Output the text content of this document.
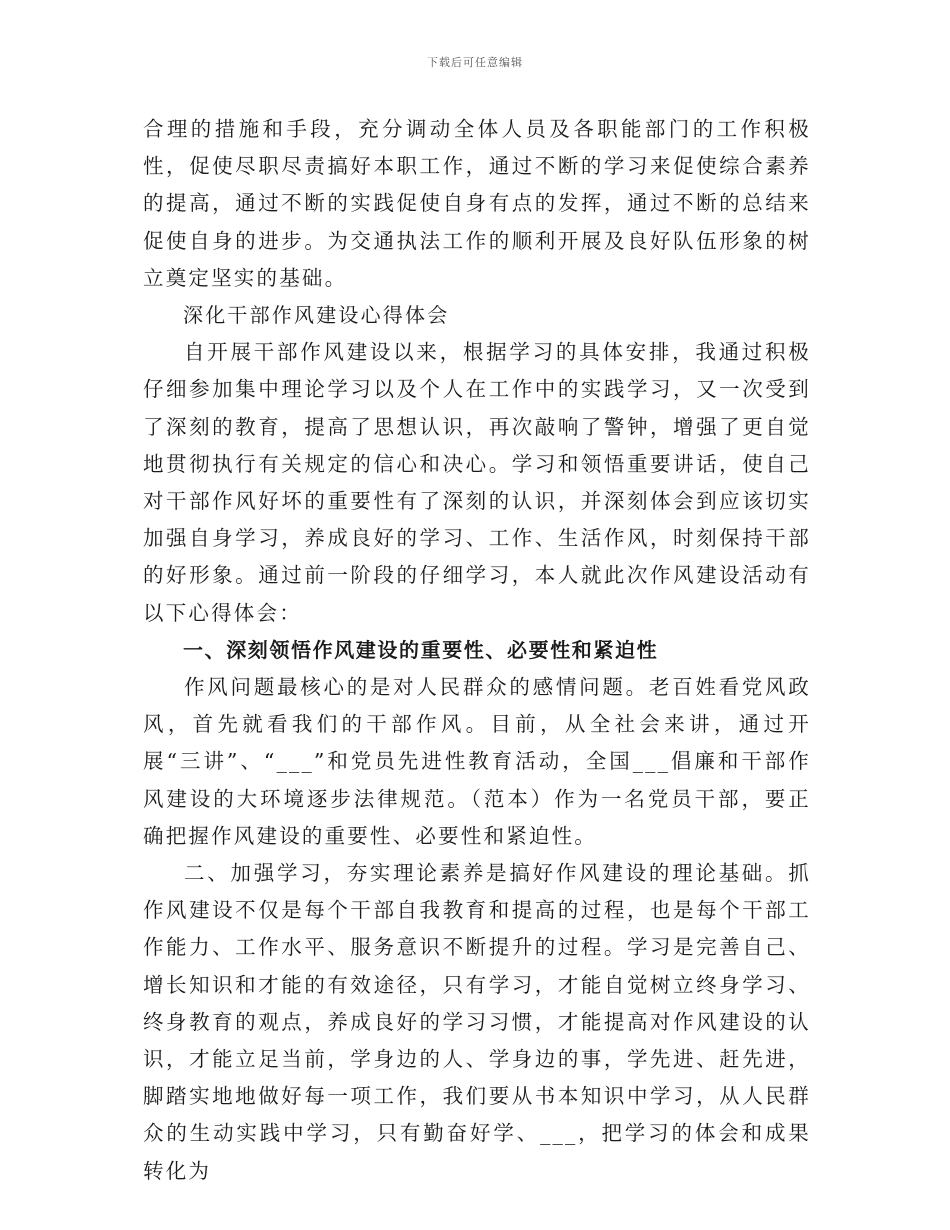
下载后可任意编辑

合理的措施和手段，充分调动全体人员及各职能部门的工作积极性，促使尽职尽责搞好本职工作，通过不断的学习来促使综合素养的提高，通过不断的实践促使自身有点的发挥，通过不断的总结来促使自身的进步。为交通执法工作的顺利开展及良好队伍形象的树立奠定坚实的基础。

深化干部作风建设心得体会

自开展干部作风建设以来，根据学习的具体安排，我通过积极仔细参加集中理论学习以及个人在工作中的实践学习，又一次受到了深刻的教育，提高了思想认识，再次敲响了警钟，增强了更自觉地贯彻执行有关规定的信心和决心。学习和领悟重要讲话，使自己对干部作风好坏的重要性有了深刻的认识，并深刻体会到应该切实加强自身学习，养成良好的学习、工作、生活作风，时刻保持干部的好形象。通过前一阶段的仔细学习，本人就此次作风建设活动有以下心得体会：

一、深刻领悟作风建设的重要性、必要性和紧迫性

作风问题最核心的是对人民群众的感情问题。老百姓看党风政风，首先就看我们的干部作风。目前，从全社会来讲，通过开展“三讲”、“___”和党员先进性教育活动，全国___倡廉和干部作风建设的大环境逐步法律规范。（范本）作为一名党员干部，要正确把握作风建设的重要性、必要性和紧迫性。

二、加强学习，夯实理论素养是搞好作风建设的理论基础。抓作风建设不仅是每个干部自我教育和提高的过程，也是每个干部工作能力、工作水平、服务意识不断提升的过程。学习是完善自己、增长知识和才能的有效途径，只有学习，才能自觉树立终身学习、终身教育的观点，养成良好的学习习惯，才能提高对作风建设的认识，才能立足当前，学身边的人、学身边的事，学先进、赶先进，脚踏实地地做好每一项工作，我们要从书本知识中学习，从人民群众的生动实践中学习，只有勤奋好学、___，把学习的体会和成果转化为
